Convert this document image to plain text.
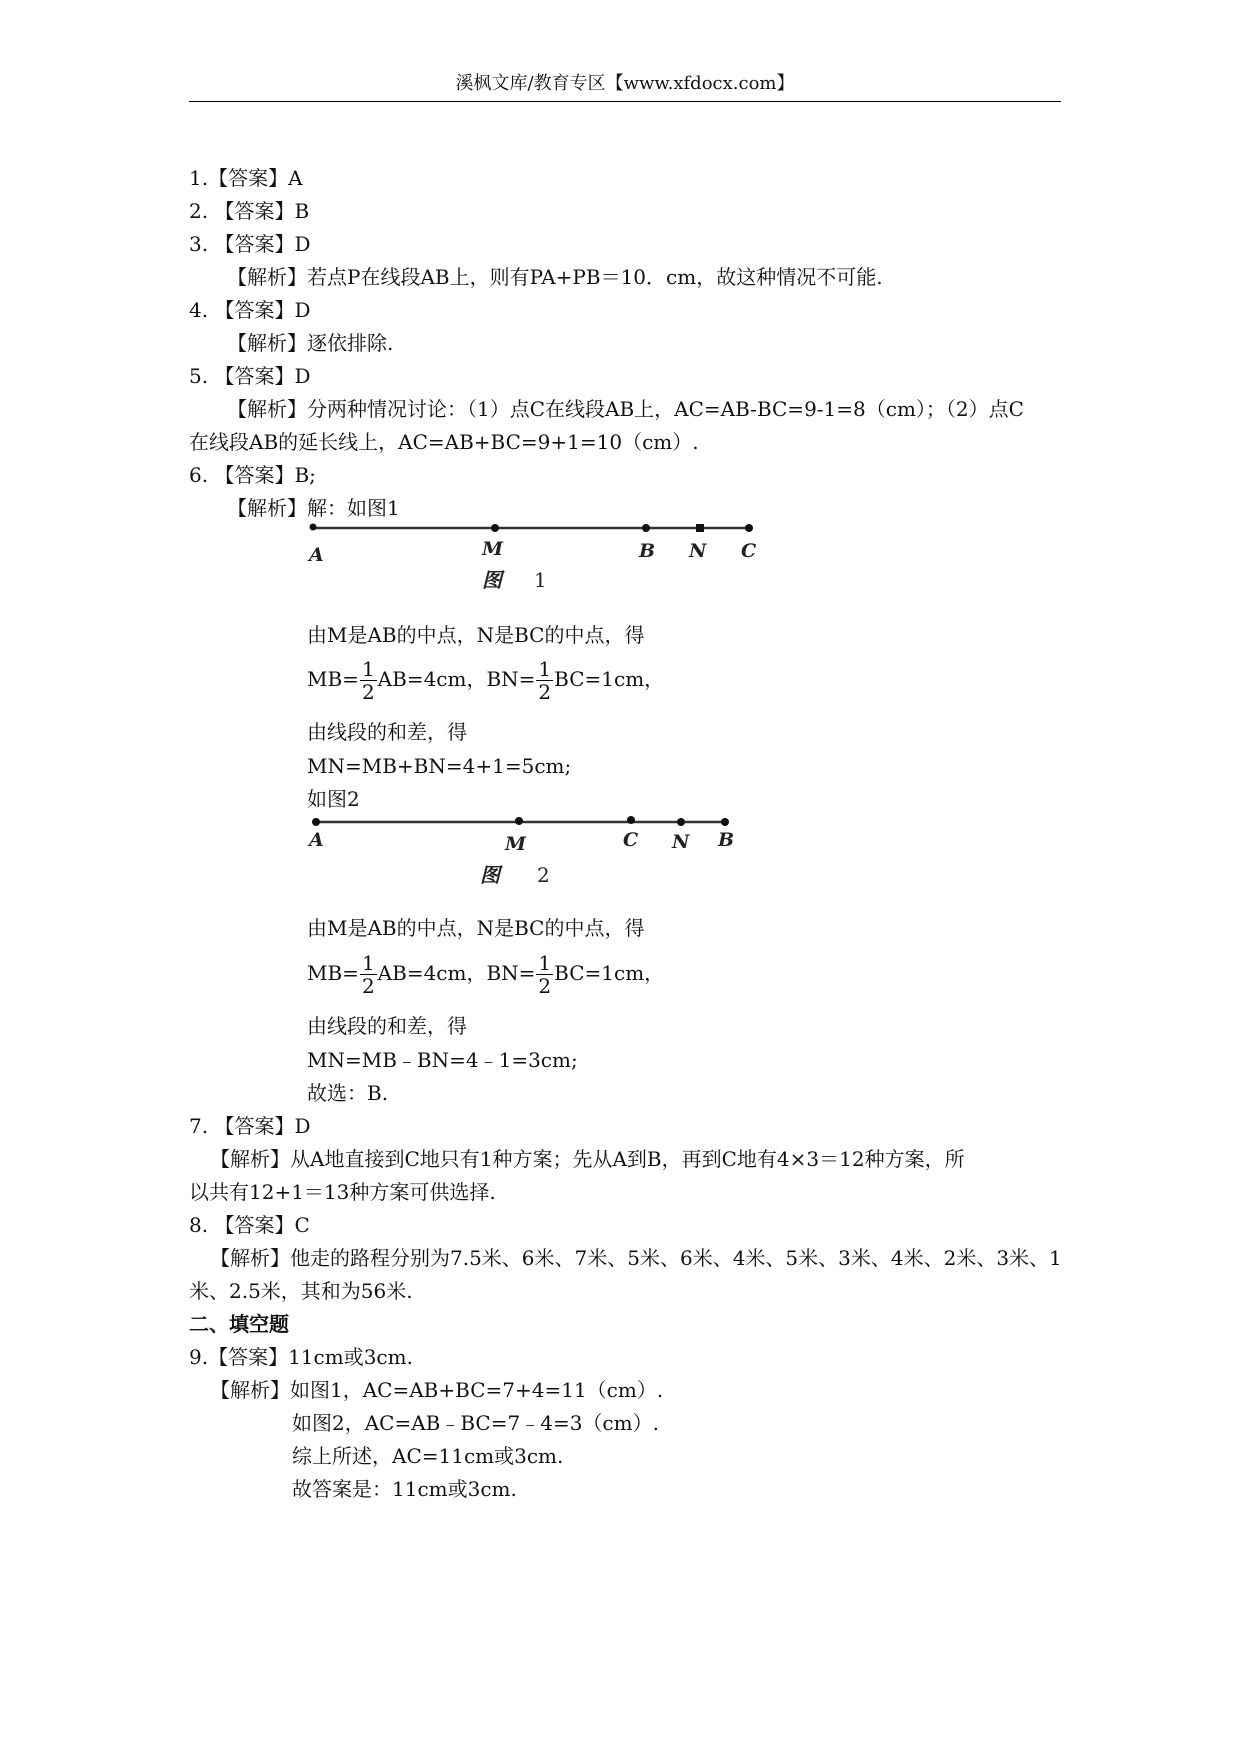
溪枫文库/教育专区【www.xfdocx.com】
1.【答案】A
2. 【答案】B
3. 【答案】D
【解析】若点P在线段AB上，则有PA+PB＝10．cm，故这种情况不可能.
4. 【答案】D
【解析】逐依排除.
5. 【答案】D
【解析】分两种情况讨论：（1）点C在线段AB上，AC=AB-BC=9-1=8（cm）；（2）点C
在线段AB的延长线上，AC=AB+BC=9+1=10（cm）.
6. 【答案】B;
【解析】解：如图1
A	M	B N C
图 1
由M是AB的中点，N是BC的中点，得
$MB= \frac{1}{2} AB=4cm$，$BN= \frac{1}{2} BC=1cm$，
由线段的和差，得
MN=MB+BN=4+1=5cm;
如图2
A	M	C N B
图 2
由M是AB的中点，N是BC的中点，得
$MB= \frac{1}{2} AB=4cm$，$BN= \frac{1}{2} BC=1cm$，
由线段的和差，得
MN=MB﹣BN=4﹣1=3cm;
故选：B.
7. 【答案】D
【解析】从A地直接到C地只有1种方案；先从A到B，再到C地有4×3＝12种方案，所
以共有12+1＝13种方案可供选择.
8. 【答案】C
【解析】他走的路程分别为7.5米、6米、7米、5米、6米、4米、5米、3米、4米、2米、3米、1
米、2.5米，其和为56米.
二、填空题
9.【答案】11cm或3cm.
【解析】如图1，AC=AB+BC=7+4=11（cm）.
如图2，AC=AB﹣BC=7﹣4=3（cm）.
综上所述，AC=11cm或3cm.
故答案是：11cm或3cm.
